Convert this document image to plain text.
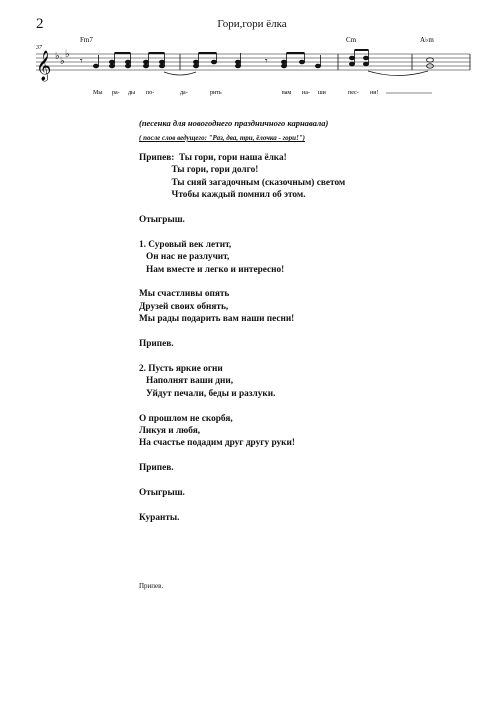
2	Гори,гори ёлка
37
Fm7	Cm	A♭m
𝄞 ♭ ♭
♭
𝄾	𝄾
Мы ра- ды по-	да-	рить	вам на- ши	пес- ни!

(песенка для новогоднего праздничного карнавала)

( после слов ведущего: "Раз, два, три, ёлочка - гори!")

Припев:  Ты гори, гори наша ёлка!
Ты гори, гори долго!
Ты сияй загадочным (сказочным) светом
Чтобы каждый помнил об этом.

Отыгрыш.

1. Суровый век летит,
Он нас не разлучит,
Нам вместе и легко и интересно!

Мы счастливы опять
Друзей своих обнять,
Мы рады подарить вам наши песни!

Припев.

2. Пусть яркие огни
Наполнят ваши дни,
Уйдут печали, беды и разлуки.

О прошлом не скорбя,
Ликуя и любя,
На счастье подадим друг другу руки!

Припев.

Отыгрыш.

Куранты.
Припев.
